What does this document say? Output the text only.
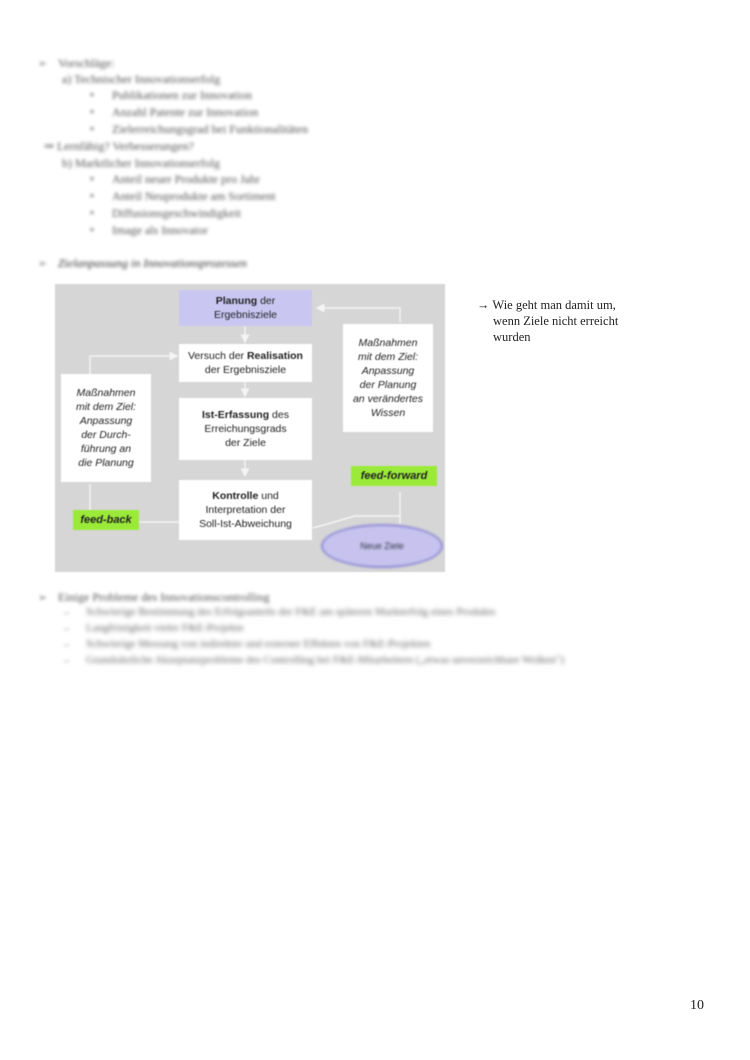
➢ Vorschläge:
a) Technischer Innovationserfolg
▪ Publikationen zur Innovation
▪ Anzahl Patente zur Innovation
▪ Zielerreichungsgrad bei Funktionalitäten
⇒ Lernfähig? Verbesserungen?
b) Marktlicher Innovationserfolg
▪ Anteil neuer Produkte pro Jahr
▪ Anteil Neuprodukte am Sortiment
▪ Diffusionsgeschwindigkeit
▪ Image als Innovator
➢ Zielanpassung in Innovationsprozessen
Planung der
Ergebnisziele
Versuch der Realisation
der Ergebnisziele
Ist-Erfassung des
Erreichungsgrads
der Ziele
Kontrolle und
Interpretation der
Soll-Ist-Abweichung
Maßnahmen
mit dem Ziel:
Anpassung
der Durch-
führung an
die Planung
Maßnahmen
mit dem Ziel:
Anpassung
der Planung
an verändertes
Wissen
feed-back
feed-forward
Neue Ziele
→ Wie geht man damit um,
wenn Ziele nicht erreicht
wurden
➢ Einige Probleme des Innovationscontrolling
– Schwierige Bestimmung des Erfolgsanteils der F&E am späteren Markterfolg eines Produkts
– Langfristigkeit vieler F&E-Projekte
– Schwierige Messung von indirekter und externer Effekten von F&E-Projekten
– Grundsätzliche Akzeptanzprobleme des Controlling bei F&E-Mitarbeitern („etwas unverzeichbare Wolken")
10
